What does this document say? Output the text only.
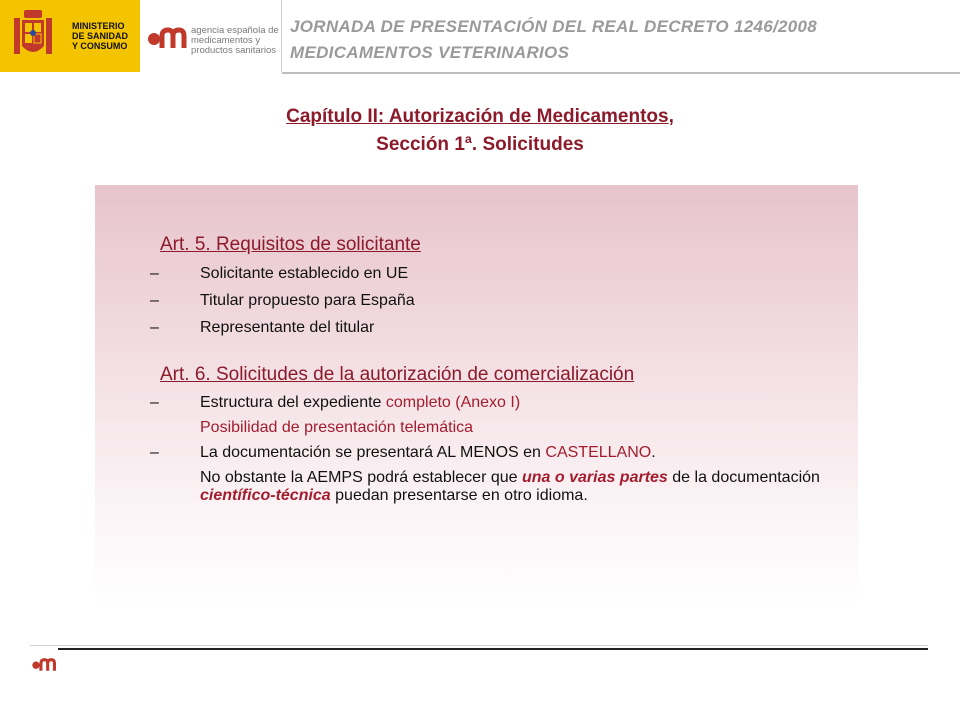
MINISTERIO
DE SANIDAD
Y CONSUMO
agencia española de
medicamentos y
productos sanitarios
JORNADA DE PRESENTACIÓN DEL REAL DECRETO 1246/2008
MEDICAMENTOS VETERINARIOS
Capítulo II: Autorización de Medicamentos,
Sección 1ª. Solicitudes
Art. 5. Requisitos de solicitante
–	Solicitante establecido en UE
–	Titular propuesto para España
–	Representante del titular
Art. 6. Solicitudes de la autorización de comercialización
–	Estructura del expediente completo (Anexo I)
Posibilidad de presentación telemática
–	La documentación se presentará AL MENOS en CASTELLANO.
No obstante la AEMPS podrá establecer que una o varias partes de la documentación científico-técnica puedan presentarse en otro idioma.
